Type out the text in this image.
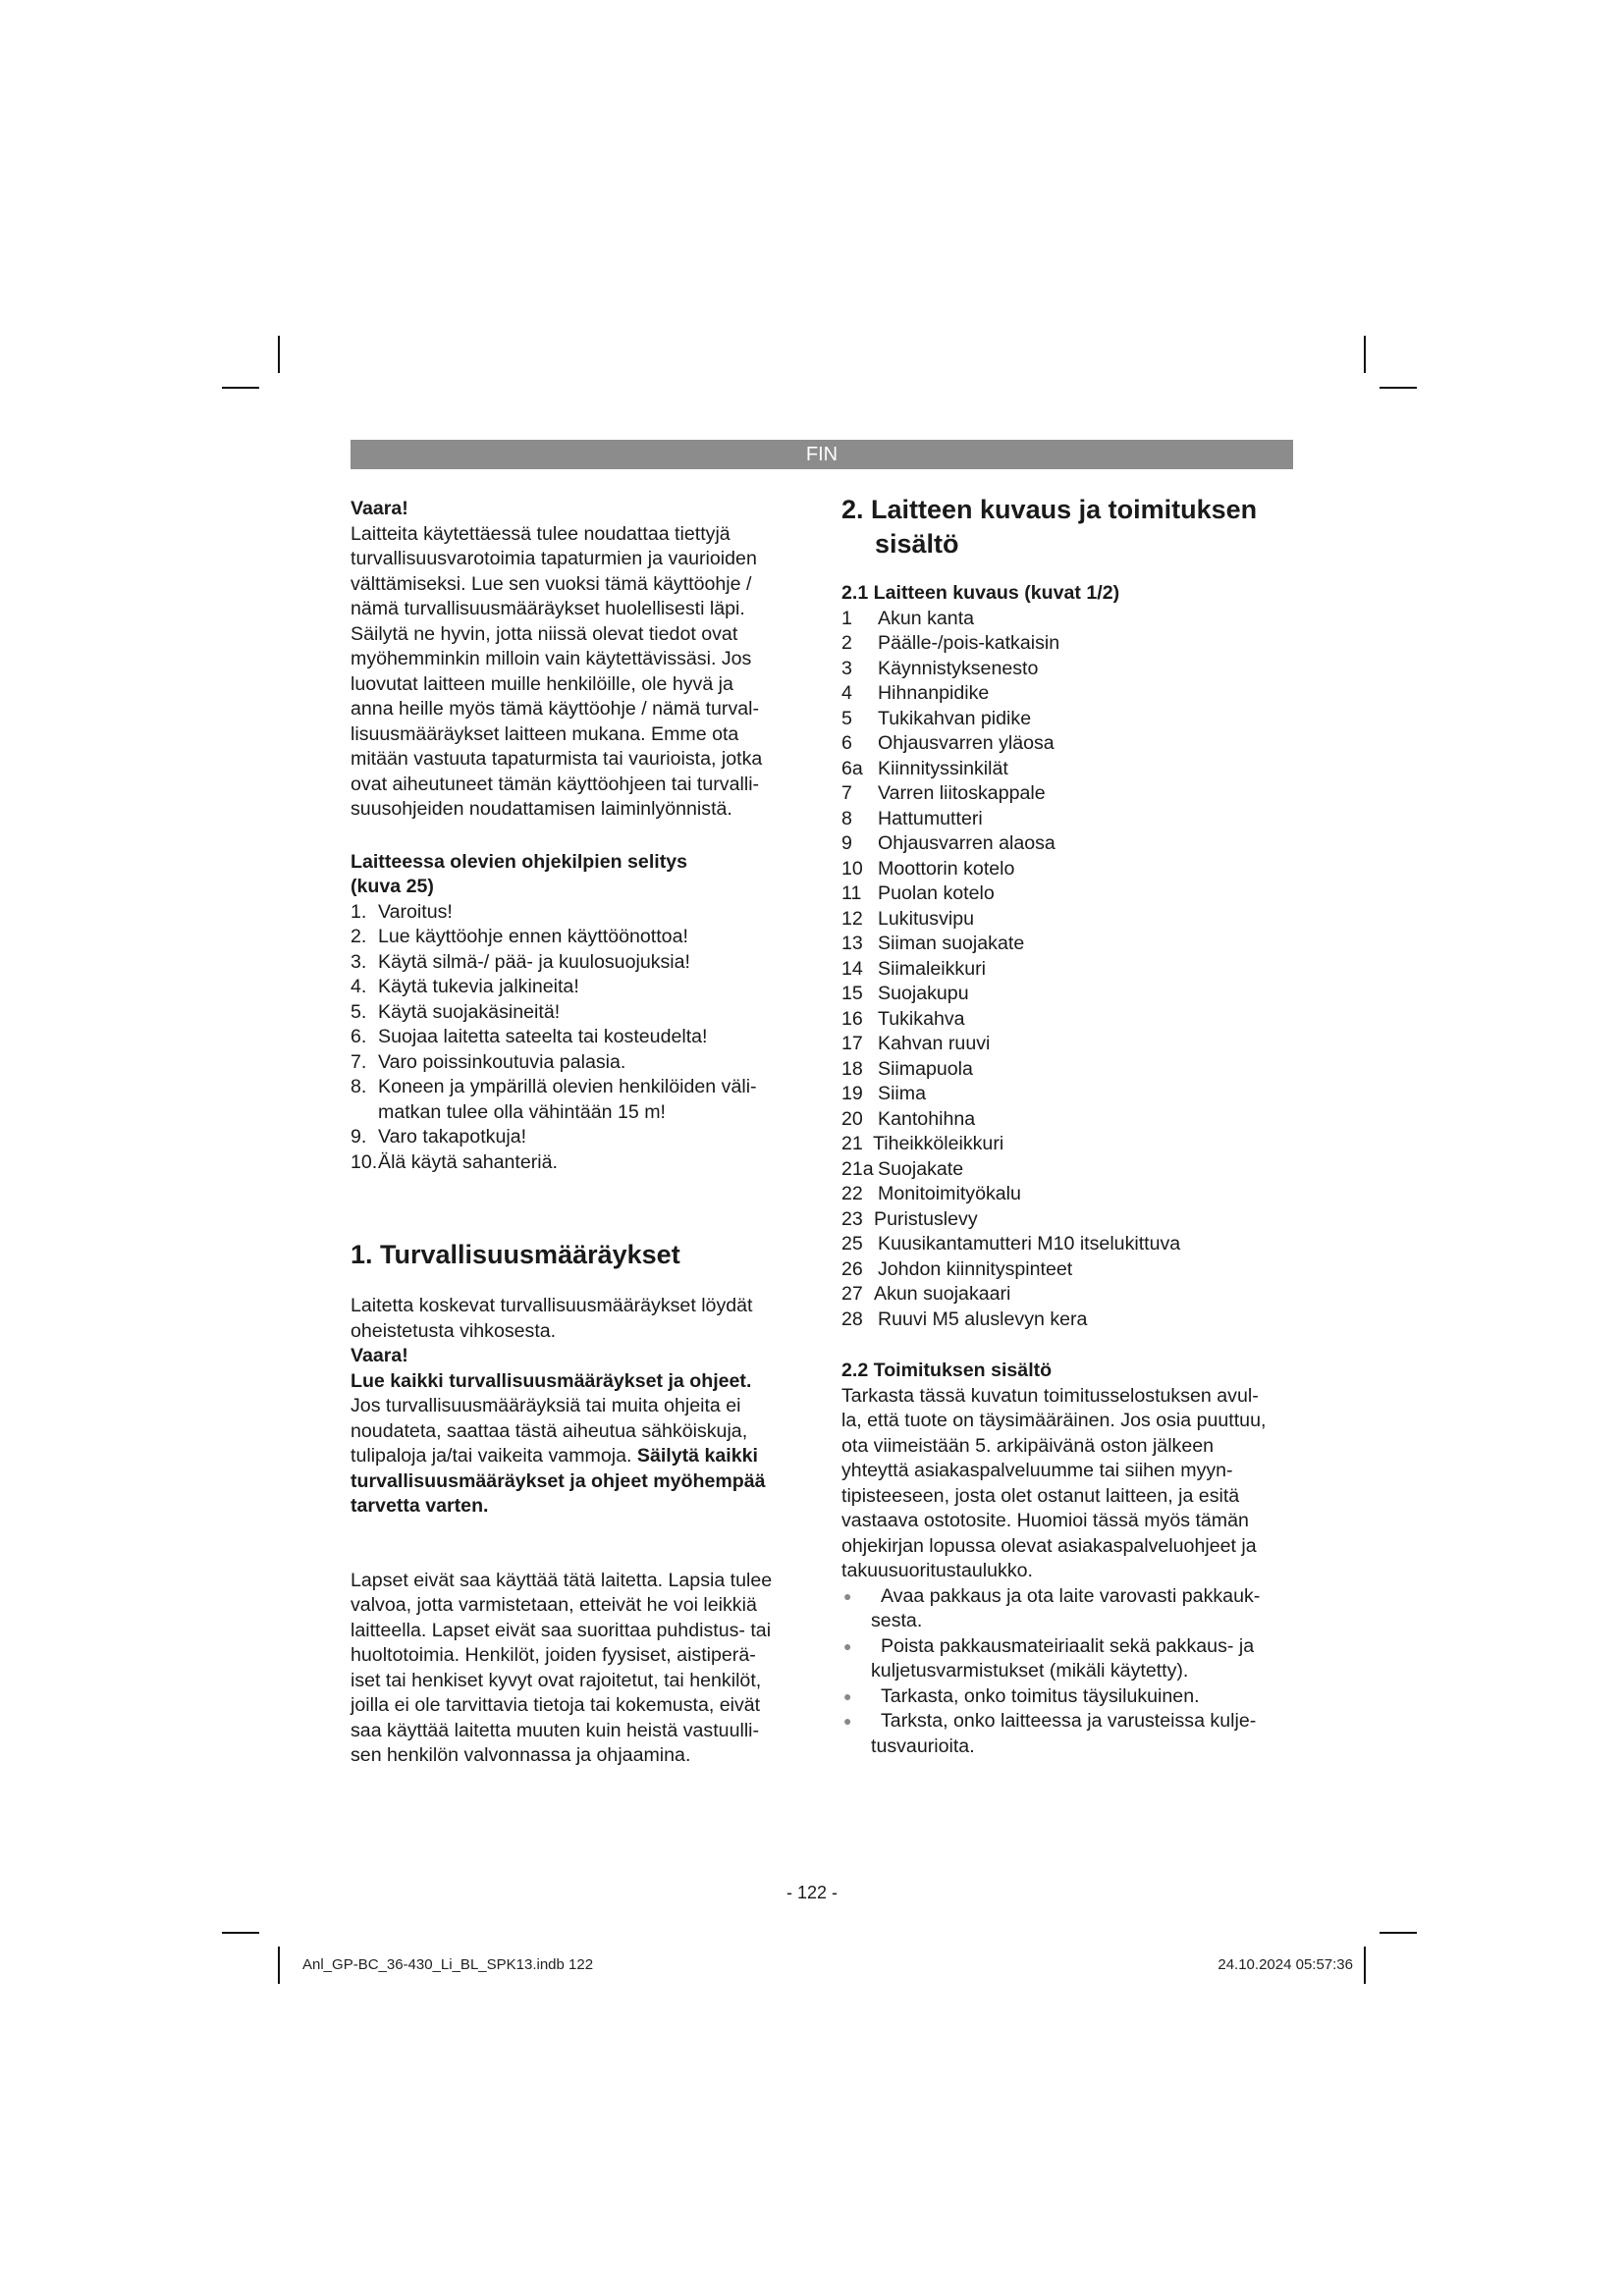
FIN

Vaara!

Laitteita käytettäessä tulee noudattaa tiettyjä
turvallisuusvarotoimia tapaturmien ja vaurioiden
välttämiseksi. Lue sen vuoksi tämä käyttöohje /
nämä turvallisuusmääräykset huolellisesti läpi.
Säilytä ne hyvin, jotta niissä olevat tiedot ovat
myöhemminkin milloin vain käytettävissäsi. Jos
luovutat laitteen muille henkilöille, ole hyvä ja
anna heille myös tämä käyttöohje / nämä turval-
lisuusmääräykset laitteen mukana. Emme ota
mitään vastuuta tapaturmista tai vaurioista, jotka
ovat aiheutuneet tämän käyttöohjeen tai turvalli-
suusohjeiden noudattamisen laiminlyönnistä.
Laitteessa olevien ohjekilpien selitys
(kuva 25)
1. Varoitus!
2. Lue käyttöohje ennen käyttöönottoa!
3. Käytä silmä-/ pää- ja kuulosuojuksia!
4. Käytä tukevia jalkineita!
5. Käytä suojakäsineitä!
6. Suojaa laitetta sateelta tai kosteudelta!
7. Varo poissinkoutuvia palasia.
8. Koneen ja ympärillä olevien henkilöiden väli-
matkan tulee olla vähintään 15 m!
9. Varo takapotkuja!
10. Älä käytä sahanteriä.

1. Turvallisuusmääräykset

Laitetta koskevat turvallisuusmääräykset löydät
oheistetusta vihkosesta.
Vaara!
Lue kaikki turvallisuusmääräykset ja ohjeet.
Jos turvallisuusmääräyksiä tai muita ohjeita ei
noudateta, saattaa tästä aiheutua sähköiskuja,
tulipaloja ja/tai vaikeita vammoja. Säilytä kaikki
turvallisuusmääräykset ja ohjeet myöhempää
tarvetta varten.
Lapset eivät saa käyttää tätä laitetta. Lapsia tulee
valvoa, jotta varmistetaan, etteivät he voi leikkiä
laitteella. Lapset eivät saa suorittaa puhdistus- tai
huoltotoimia. Henkilöt, joiden fyysiset, aistiperä-
iset tai henkiset kyvyt ovat rajoitetut, tai henkilöt,
joilla ei ole tarvittavia tietoja tai kokemusta, eivät
saa käyttää laitetta muuten kuin heistä vastuulli-
sen henkilön valvonnassa ja ohjaamina.

2. Laitteen kuvaus ja toimituksen
sisältö

2.1 Laitteen kuvaus (kuvat 1/2)
1	Akun kanta
2	Päälle-/pois-katkaisin
3	Käynnistyksenesto
4	Hihnanpidike
5	Tukikahvan pidike
6	Ohjausvarren yläosa
6a Kiinnityssinkilät
7	Varren liitoskappale
8	Hattumutteri
9	Ohjausvarren alaosa
10 Moottorin kotelo
11 Puolan kotelo
12 Lukitusvipu
13 Siiman suojakate
14 Siimaleikkuri
15 Suojakupu
16 Tukikahva
17 Kahvan ruuvi
18 Siimapuola
19 Siima
20 Kantohihna
21 Tiheikköleikkuri
21a Suojakate
22 Monitoimityökalu
23 Puristuslevy
25 Kuusikantamutteri M10 itselukittuva
26 Johdon kiinnityspinteet
27 Akun suojakaari
28 Ruuvi M5 aluslevyn kera
2.2 Toimituksen sisältö
Tarkasta tässä kuvatun toimitusselostuksen avul-
la, että tuote on täysimääräinen. Jos osia puuttuu,
ota viimeistään 5. arkipäivänä oston jälkeen
yhteyttä asiakaspalveluumme tai siihen myyn-
tipisteeseen, josta olet ostanut laitteen, ja esitä
vastaava ostotosite. Huomioi tässä myös tämän
ohjekirjan lopussa olevat asiakaspalveluohjeet ja
takuusuoritustaulukko.
●	Avaa pakkaus ja ota laite varovasti pakkauk-
sesta.
●	Poista pakkausmateiriaalit sekä pakkaus- ja
kuljetusvarmistukset (mikäli käytetty).
●	Tarkasta, onko toimitus täysilukuinen.
●	Tarksta, onko laitteessa ja varusteissa kulje-
tusvaurioita.
- 122 -
Anl_GP-BC_36-430_Li_BL_SPK13.indb 122	24.10.2024 05:57:36
